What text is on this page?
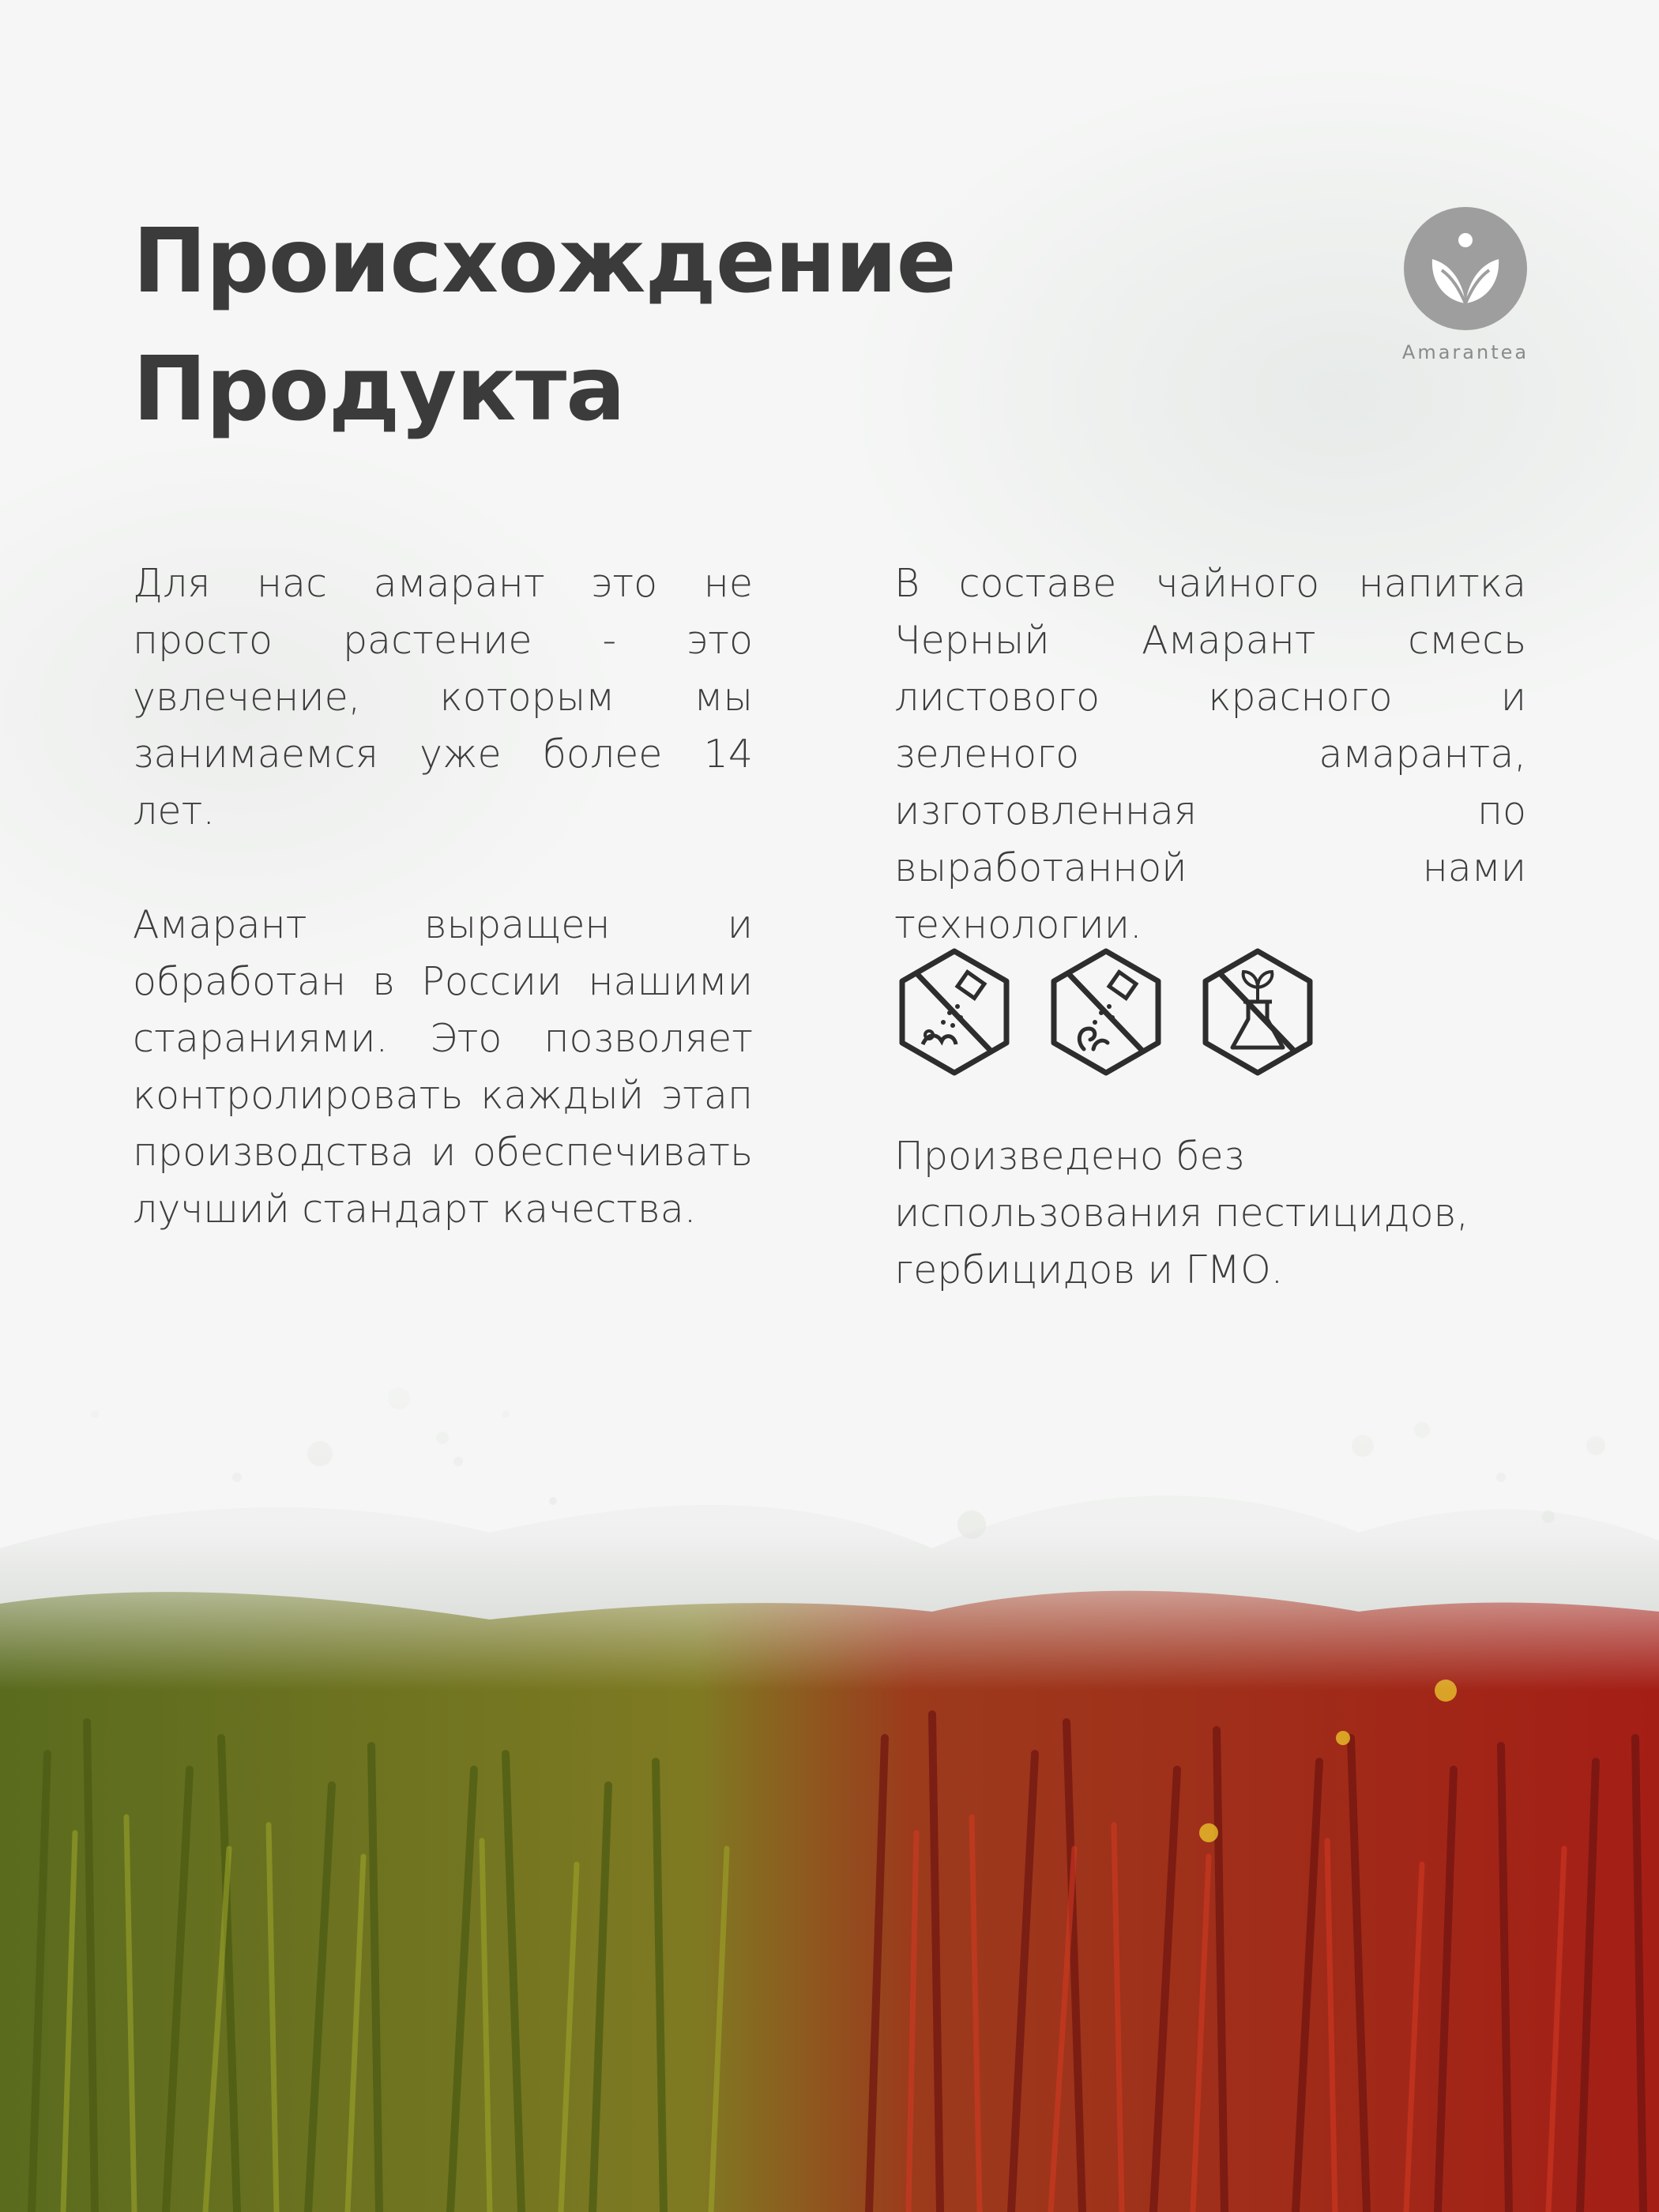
Происхождение
Продукта	Amarantea

Для нас амарант это не просто растение - это увлечение, которым мы занимаемся уже более 14 лет.

Амарант выращен и обработан в России нашими стараниями. Это позволяет контролировать каждый этап производства и обеспечивать лучший стандарт качества.

В составе чайного напитка Черный Амарант смесь листового красного и зеленого амаранта, изготовленная по выработанной нами технологии.

Произведено без использования пестицидов, гербицидов и ГМО.
